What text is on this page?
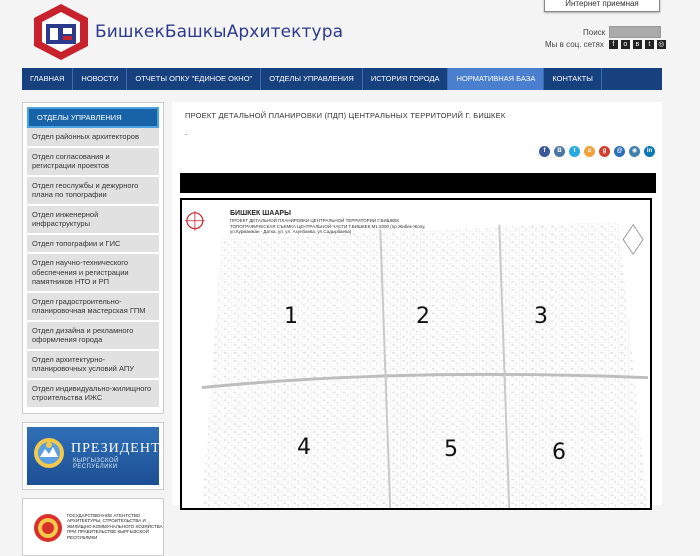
БишкекБашкыАрхитектура
Интернет приемная
Поиск
Мы в соц. сетях	f	o	в	t	◎
ГЛАВНАЯ	НОВОСТИ	ОТЧЕТЫ ОПКУ "ЕДИНОЕ ОКНО"	ОТДЕЛЫ УПРАВЛЕНИЯ	ИСТОРИЯ ГОРОДА	НОРМАТИВНАЯ БАЗА	КОНТАКТЫ
ОТДЕЛЫ УПРАВЛЕНИЯ
Отдел районных архитекторов
Отдел согласования и регистрации проектов
Отдел геослужбы и дежурного плана по топографии
Отдел инженерной инфраструктуры
Отдел топографии и ГИС
Отдел научно-технического обеспечения и регистрации памятников НТО и РП
Отдел градостроительно-планировочная мастерская ГПМ
Отдел дизайна и рекламного оформления города
Отдел архитектурно-планировочных условий АПУ
Отдел индивидуально-жилищного строительства ИЖС
ПРЕЗИДЕНТ
КЫРГЫЗСКОЙ РЕСПУБЛИКИ
ГОСУДАРСТВЕННОЕ АГЕНТСТВО АРХИТЕКТУРЫ, СТРОИТЕЛЬСТВА И ЖИЛИЩНО-КОММУНАЛЬНОГО ХОЗЯЙСТВА ПРИ ПРАВИТЕЛЬСТВЕ КЫРГЫЗСКОЙ РЕСПУБЛИКИ
ПРОЕКТ ДЕТАЛЬНОЙ ПЛАНИРОВКИ (ПДП) ЦЕНТРАЛЬНЫХ ТЕРРИТОРИЙ Г. БИШКЕК
.
f	B	t	o	g	@	◉	in
БИШКЕК ШААРЫ
ПРОЕКТ ДЕТАЛЬНОЙ ПЛАНИРОВКИ ЦЕНТРАЛЬНОЙ ТЕРРИТОРИИ Г.БИШКЕК ТОПОГРАФИЧЕСКАЯ СЪЕМКА ЦЕНТРАЛЬНОЙ ЧАСТИ Г.БИШКЕК М1:2000 (пр.Жибек-Жолу, ул.Курманжан - Датка, ул. ул. Ахунбаева, ул.Садырбаева)
1	2	3
4	5	6
